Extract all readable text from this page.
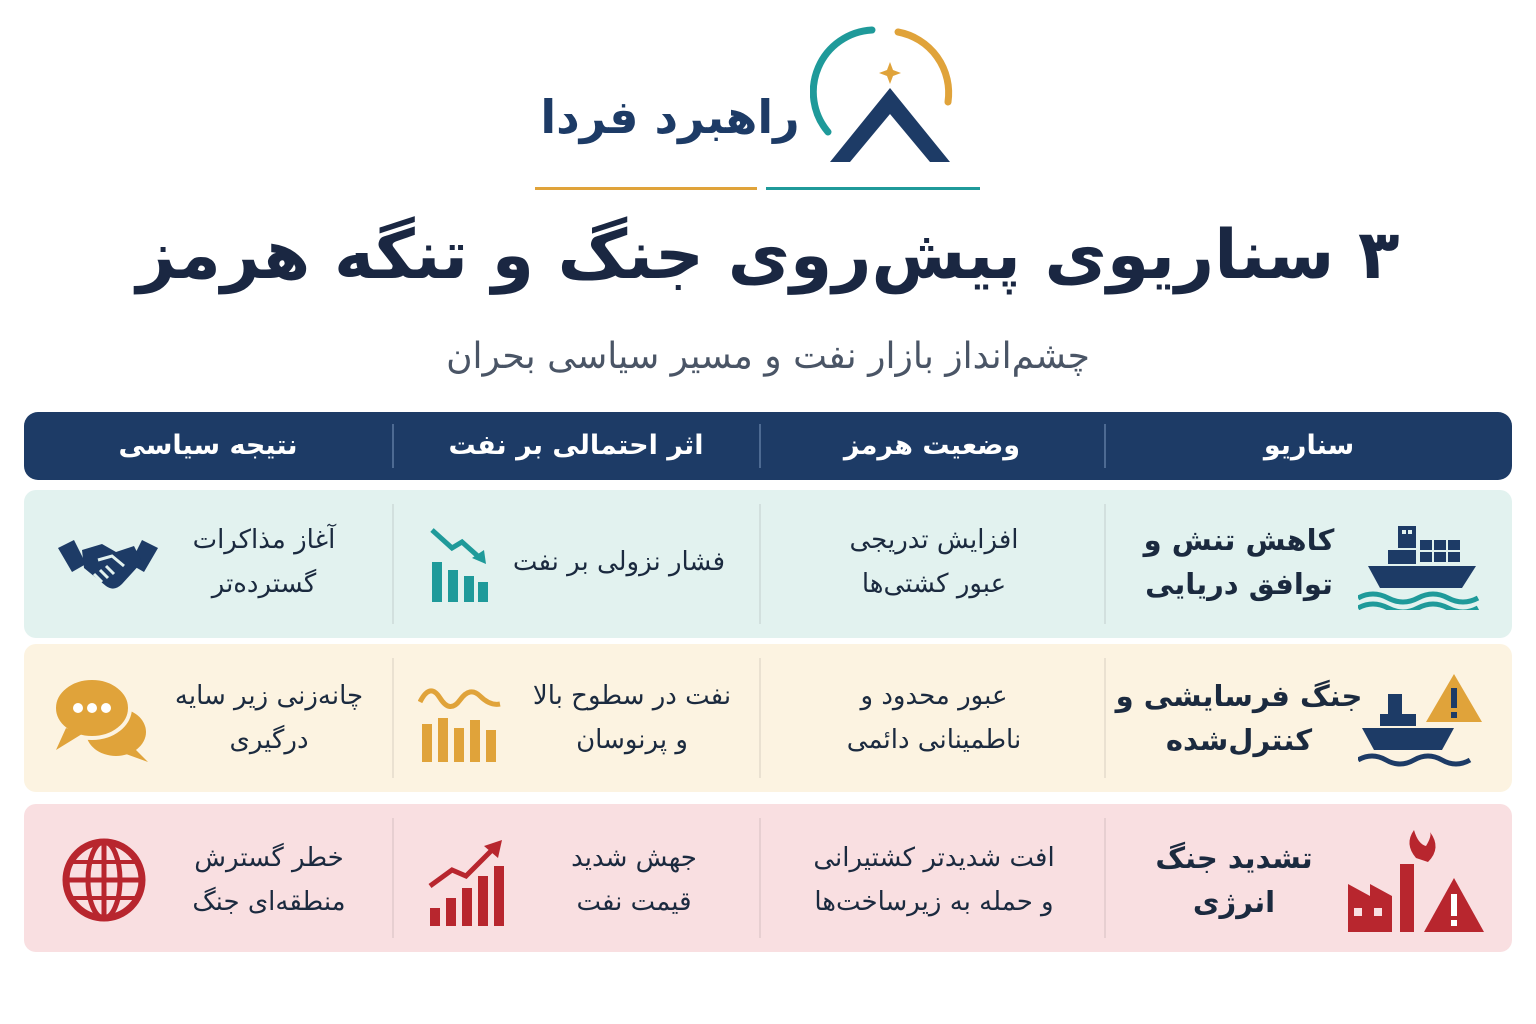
راهبرد فردا
۳ سناریوی پیش‌روی جنگ و تنگه هرمز
چشم‌انداز بازار نفت و مسیر سیاسی بحران
سناریو
وضعیت هرمز
اثر احتمالی بر نفت
نتیجه سیاسی
کاهش تنش و
توافق دریایی
افزایش تدریجی
عبور کشتی‌ها
فشار نزولی بر نفت
آغاز مذاکرات
گسترده‌تر
جنگ فرسایشی و
کنترل‌شده
عبور محدود و
ناطمینانی دائمی
نفت در سطوح بالا
و پرنوسان
چانه‌زنی زیر سایه
درگیری
تشدید جنگ
انرژی
افت شدیدتر کشتیرانی
و حمله به زیرساخت‌ها
جهش شدید
قیمت نفت
خطر گسترش
منطقه‌ای جنگ
